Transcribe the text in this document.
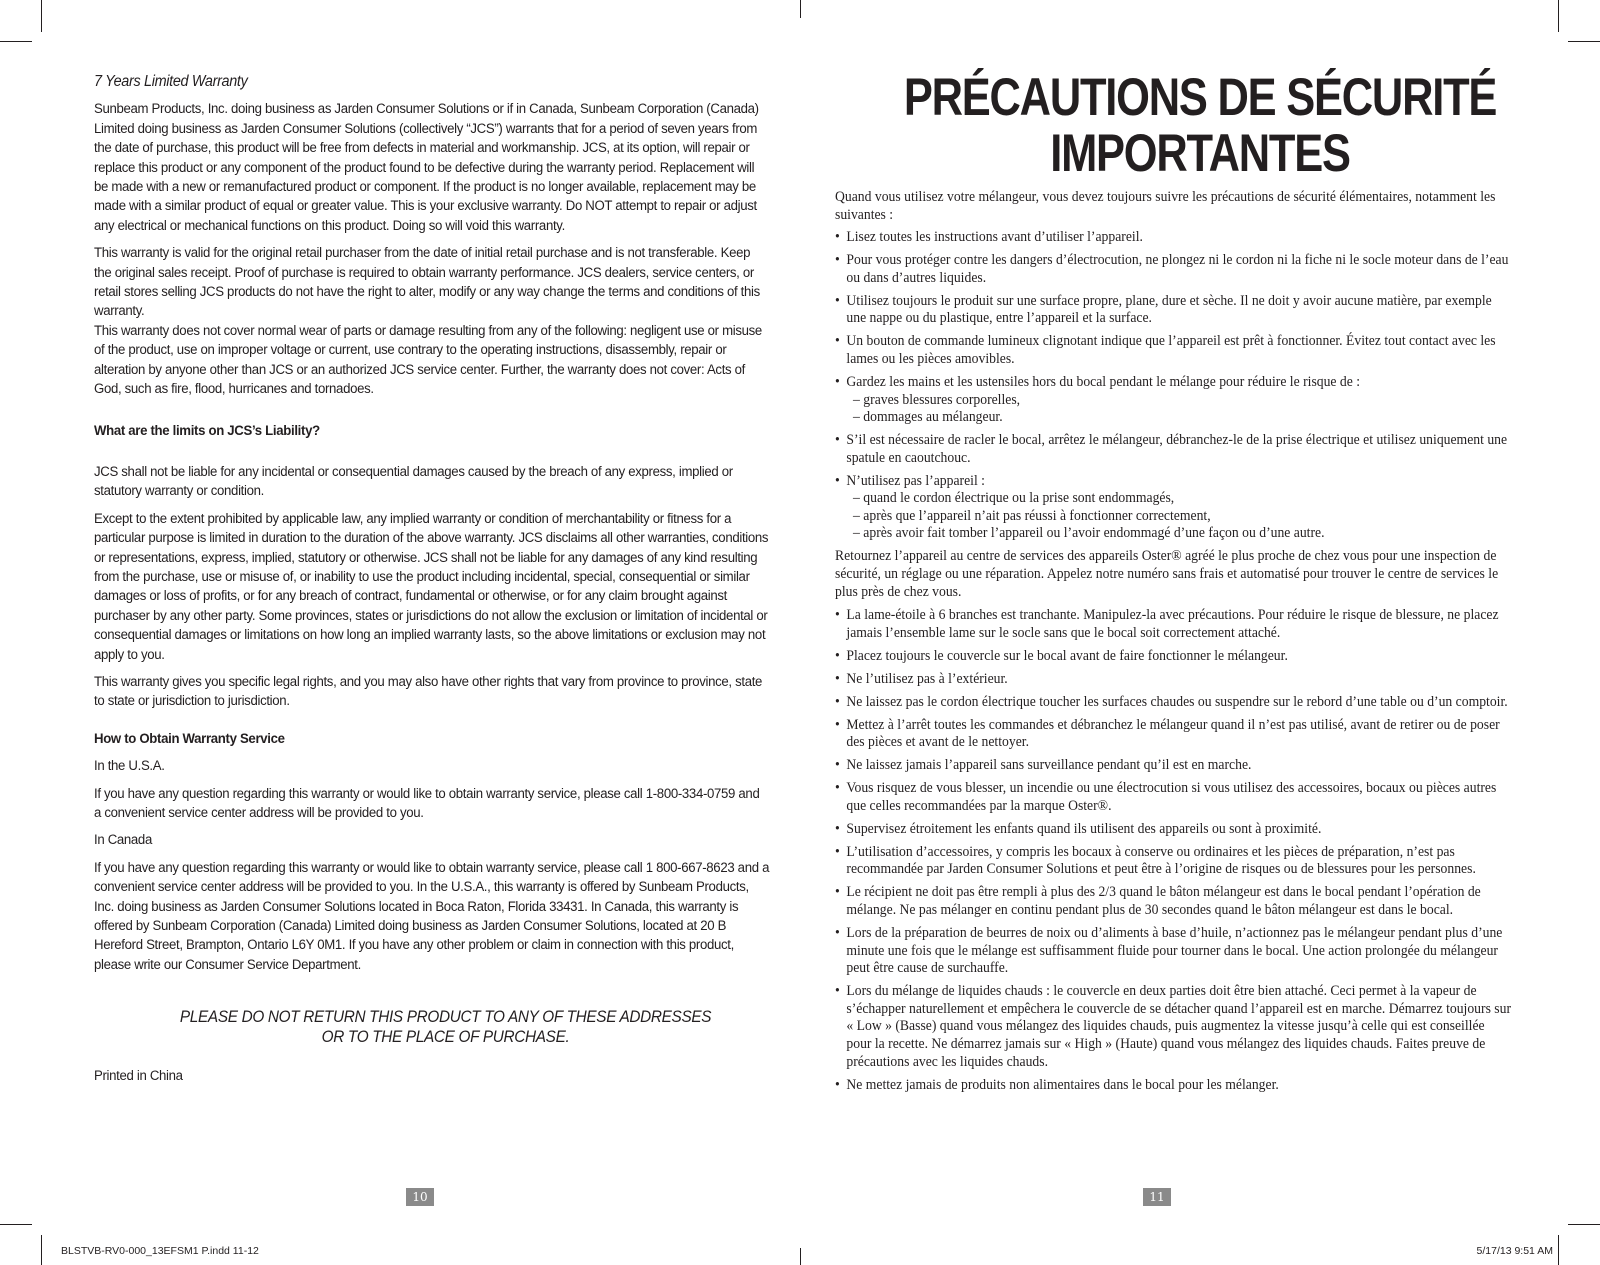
7 Years Limited Warranty

Sunbeam Products, Inc. doing business as Jarden Consumer Solutions or if in Canada, Sunbeam Corporation (Canada) Limited doing business as Jarden Consumer Solutions (collectively “JCS”) warrants that for a period of seven years from the date of purchase, this product will be free from defects in material and workmanship. JCS, at its option, will repair or replace this product or any component of the product found to be defective during the warranty period. Replacement will be made with a new or remanufactured product or component. If the product is no longer available, replacement may be made with a similar product of equal or greater value. This is your exclusive warranty. Do NOT attempt to repair or adjust any electrical or mechanical functions on this product. Doing so will void this warranty.

This warranty is valid for the original retail purchaser from the date of initial retail purchase and is not transferable. Keep the original sales receipt. Proof of purchase is required to obtain warranty performance. JCS dealers, service centers, or retail stores selling JCS products do not have the right to alter, modify or any way change the terms and conditions of this warranty.

This warranty does not cover normal wear of parts or damage resulting from any of the following: negligent use or misuse of the product, use on improper voltage or current, use contrary to the operating instructions, disassembly, repair or alteration by anyone other than JCS or an authorized JCS service center. Further, the warranty does not cover: Acts of God, such as fire, flood, hurricanes and tornadoes.

What are the limits on JCS’s Liability?

JCS shall not be liable for any incidental or consequential damages caused by the breach of any express, implied or statutory warranty or condition.

Except to the extent prohibited by applicable law, any implied warranty or condition of merchantability or fitness for a particular purpose is limited in duration to the duration of the above warranty. JCS disclaims all other warranties, conditions or representations, express, implied, statutory or otherwise. JCS shall not be liable for any damages of any kind resulting from the purchase, use or misuse of, or inability to use the product including incidental, special, consequential or similar damages or loss of profits, or for any breach of contract, fundamental or otherwise, or for any claim brought against purchaser by any other party. Some provinces, states or jurisdictions do not allow the exclusion or limitation of incidental or consequential damages or limitations on how long an implied warranty lasts, so the above limitations or exclusion may not apply to you.

This warranty gives you specific legal rights, and you may also have other rights that vary from province to province, state to state or jurisdiction to jurisdiction.

How to Obtain Warranty Service

In the U.S.A.

If you have any question regarding this warranty or would like to obtain warranty service, please call 1-800-334-0759 and a convenient service center address will be provided to you.

In Canada

If you have any question regarding this warranty or would like to obtain warranty service, please call 1 800-667-8623 and a convenient service center address will be provided to you. In the U.S.A., this warranty is offered by Sunbeam Products, Inc. doing business as Jarden Consumer Solutions located in Boca Raton, Florida 33431. In Canada, this warranty is offered by Sunbeam Corporation (Canada) Limited doing business as Jarden Consumer Solutions, located at 20 B Hereford Street, Brampton, Ontario L6Y 0M1. If you have any other problem or claim in connection with this product, please write our Consumer Service Department.

PLEASE DO NOT RETURN THIS PRODUCT TO ANY OF THESE ADDRESSES
OR TO THE PLACE OF PURCHASE.

Printed in China

10
PRÉCAUTIONS DE SÉCURITÉ
IMPORTANTES

Quand vous utilisez votre mélangeur, vous devez toujours suivre les précautions de sécurité élémentaires, notamment les suivantes :

• Lisez toutes les instructions avant d’utiliser l’appareil.
• Pour vous protéger contre les dangers d’électrocution, ne plongez ni le cordon ni la fiche ni le socle moteur dans de l’eau ou dans d’autres liquides.
• Utilisez toujours le produit sur une surface propre, plane, dure et sèche. Il ne doit y avoir aucune matière, par exemple une nappe ou du plastique, entre l’appareil et la surface.
• Un bouton de commande lumineux clignotant indique que l’appareil est prêt à fonctionner. Évitez tout contact avec les lames ou les pièces amovibles.
• Gardez les mains et les ustensiles hors du bocal pendant le mélange pour réduire le risque de :
– graves blessures corporelles,
– dommages au mélangeur.
• S’il est nécessaire de racler le bocal, arrêtez le mélangeur, débranchez-le de la prise électrique et utilisez uniquement une spatule en caoutchouc.
• N’utilisez pas l’appareil :
– quand le cordon électrique ou la prise sont endommagés,
– après que l’appareil n’ait pas réussi à fonctionner correctement,
– après avoir fait tomber l’appareil ou l’avoir endommagé d’une façon ou d’une autre.

Retournez l’appareil au centre de services des appareils Oster® agréé le plus proche de chez vous pour une inspection de sécurité, un réglage ou une réparation. Appelez notre numéro sans frais et automatisé pour trouver le centre de services le plus près de chez vous.

• La lame-étoile à 6 branches est tranchante. Manipulez-la avec précautions. Pour réduire le risque de blessure, ne placez jamais l’ensemble lame sur le socle sans que le bocal soit correctement attaché.
• Placez toujours le couvercle sur le bocal avant de faire fonctionner le mélangeur.
• Ne l’utilisez pas à l’extérieur.
• Ne laissez pas le cordon électrique toucher les surfaces chaudes ou suspendre sur le rebord d’une table ou d’un comptoir.
• Mettez à l’arrêt toutes les commandes et débranchez le mélangeur quand il n’est pas utilisé, avant de retirer ou de poser des pièces et avant de le nettoyer.
• Ne laissez jamais l’appareil sans surveillance pendant qu’il est en marche.
• Vous risquez de vous blesser, un incendie ou une électrocution si vous utilisez des accessoires, bocaux ou pièces autres que celles recommandées par la marque Oster®.
• Supervisez étroitement les enfants quand ils utilisent des appareils ou sont à proximité.
• L’utilisation d’accessoires, y compris les bocaux à conserve ou ordinaires et les pièces de préparation, n’est pas recommandée par Jarden Consumer Solutions et peut être à l’origine de risques ou de blessures pour les personnes.
• Le récipient ne doit pas être rempli à plus des 2/3 quand le bâton mélangeur est dans le bocal pendant l’opération de mélange. Ne pas mélanger en continu pendant plus de 30 secondes quand le bâton mélangeur est dans le bocal.
• Lors de la préparation de beurres de noix ou d’aliments à base d’huile, n’actionnez pas le mélangeur pendant plus d’une minute une fois que le mélange est suffisamment fluide pour tourner dans le bocal. Une action prolongée du mélangeur peut être cause de surchauffe.
• Lors du mélange de liquides chauds : le couvercle en deux parties doit être bien attaché. Ceci permet à la vapeur de s’échapper naturellement et empêchera le couvercle de se détacher quand l’appareil est en marche. Démarrez toujours sur « Low » (Basse) quand vous mélangez des liquides chauds, puis augmentez la vitesse jusqu’à celle qui est conseillée pour la recette. Ne démarrez jamais sur « High » (Haute) quand vous mélangez des liquides chauds. Faites preuve de précautions avec les liquides chauds.
• Ne mettez jamais de produits non alimentaires dans le bocal pour les mélanger.
11
BLSTVB-RV0-000_13EFSM1 P.indd 11-12	5/17/13 9:51 AM
